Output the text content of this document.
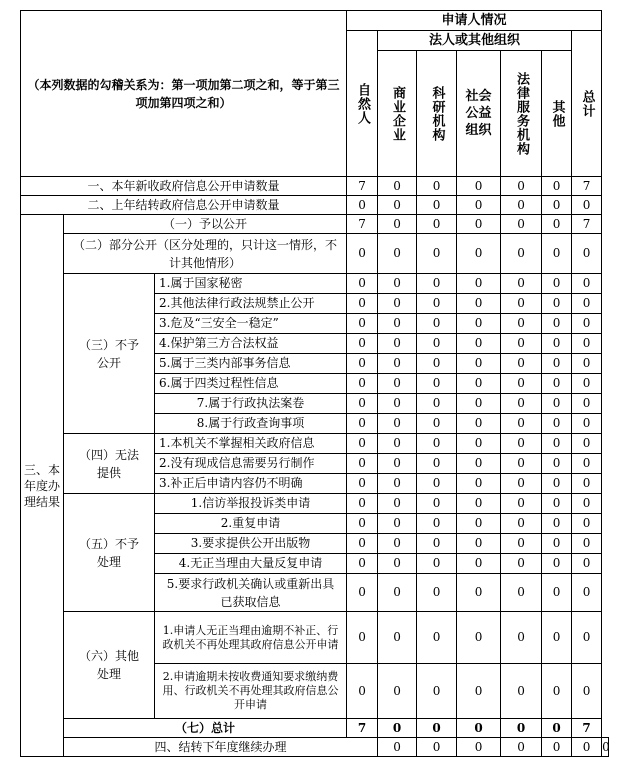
（本列数据的勾稽关系为：第一项加第二项之和，等于第三项加第四项之和）			申请人情况							

			自然人	法人或其他组织					总计	

				商业企业	科研机构	社会公益组织	法律服务机构	其他		

一、本年新收政府信息公开申请数量			7	0	0	0	0	0	7	
二、上年结转政府信息公开申请数量			0	0	0	0	0	0	0	

三、本年度办理结果	（一）予以公开		7	0	0	0	0	0	7	

	（二）部分公开（区分处理的，只计这一情形，不计其他情形）		0	0	0	0	0	0	0	

	（三）不予公开	1.属于国家秘密	0	0	0	0	0	0	0	
		2.其他法律行政法规禁止公开	0	0	0	0	0	0	0	
		3.危及“三安全一稳定”	0	0	0	0	0	0	0	
		4.保护第三方合法权益	0	0	0	0	0	0	0	
		5.属于三类内部事务信息	0	0	0	0	0	0	0	
		6.属于四类过程性信息	0	0	0	0	0	0	0	
		7.属于行政执法案卷	0	0	0	0	0	0	0	
		8.属于行政查询事项	0	0	0	0	0	0	0	

	（四）无法提供	1.本机关不掌握相关政府信息	0	0	0	0	0	0	0	
		2.没有现成信息需要另行制作	0	0	0	0	0	0	0	
		3.补正后申请内容仍不明确	0	0	0	0	0	0	0	

	（五）不予处理	1.信访举报投诉类申请	0	0	0	0	0	0	0	
		2.重复申请	0	0	0	0	0	0	0	
		3.要求提供公开出版物	0	0	0	0	0	0	0	
		4.无正当理由大量反复申请	0	0	0	0	0	0	0	

		5.要求行政机关确认或重新出具已获取信息	0	0	0	0	0	0	0	

	（六）其他处理	1.申请人无正当理由逾期不补正、行政机关不再处理其政府信息公开申请	0	0	0	0	0	0	0	

		2.申请逾期未按收费通知要求缴纳费用、行政机关不再处理其政府信息公开申请	0	0	0	0	0	0	0	
	（七）总计		7	0	0	0	0	0	7	
	四、结转下年度继续办理			0	0	0	0	0	0	0
